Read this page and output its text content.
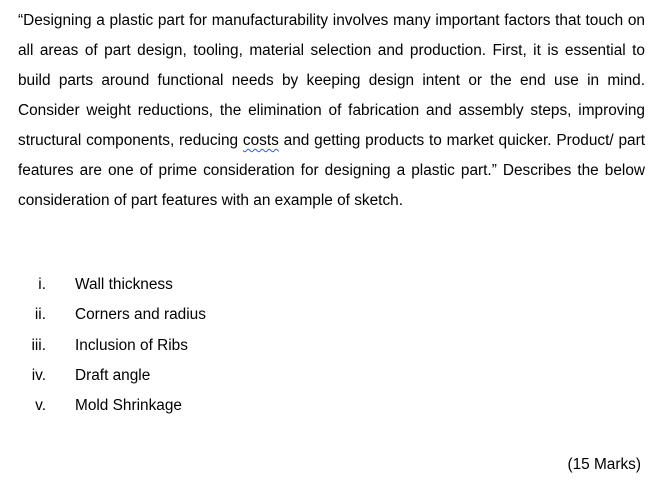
“Designing a plastic part for manufacturability involves many important factors that touch on all areas of part design, tooling, material selection and production. First, it is essential to build parts around functional needs by keeping design intent or the end use in mind. Consider weight reductions, the elimination of fabrication and assembly steps, improving structural components, reducing costs and getting products to market quicker. Product/ part features are one of prime consideration for designing a plastic part.” Describes the below consideration of part features with an example of sketch.

i. Wall thickness
ii. Corners and radius
iii. Inclusion of Ribs
iv. Draft angle
v. Mold Shrinkage
(15 Marks)
